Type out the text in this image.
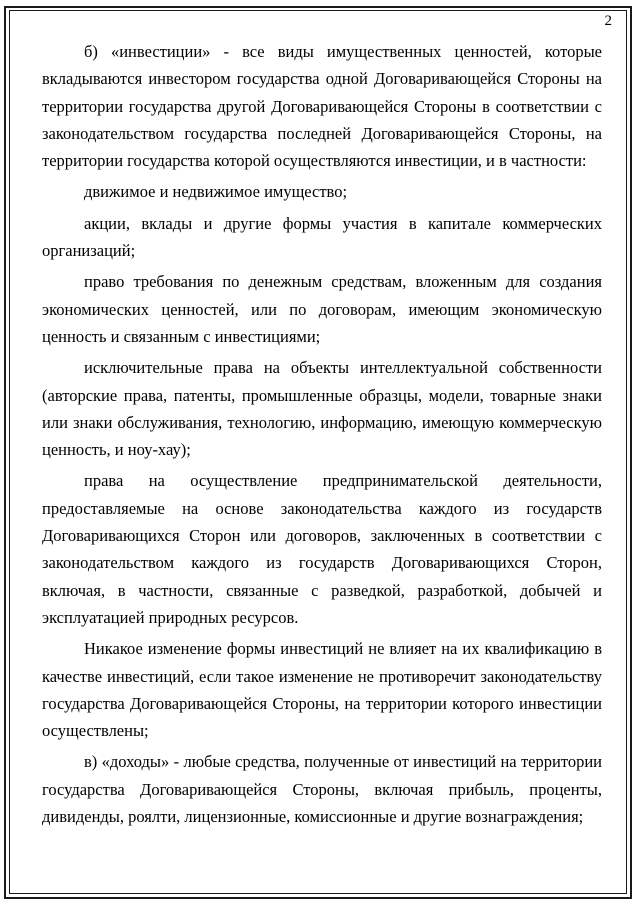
2

б) «инвестиции» - все виды имущественных ценностей, которые вкладываются инвестором государства одной Договаривающейся Стороны на территории государства другой Договаривающейся Стороны в соответствии с законодательством государства последней Договаривающейся Стороны, на территории государства которой осуществляются инвестиции, и в частности:

движимое и недвижимое имущество;

акции, вклады и другие формы участия в капитале коммерческих организаций;

право требования по денежным средствам, вложенным для создания экономических ценностей, или по договорам, имеющим экономическую ценность и связанным с инвестициями;

исключительные права на объекты интеллектуальной собственности (авторские права, патенты, промышленные образцы, модели, товарные знаки или знаки обслуживания, технологию, информацию, имеющую коммерческую ценность, и ноу-хау);

права на осуществление предпринимательской деятельности, предоставляемые на основе законодательства каждого из государств Договаривающихся Сторон или договоров, заключенных в соответствии с законодательством каждого из государств Договаривающихся Сторон, включая, в частности, связанные с разведкой, разработкой, добычей и эксплуатацией природных ресурсов.

Никакое изменение формы инвестиций не влияет на их квалификацию в качестве инвестиций, если такое изменение не противоречит законодательству государства Договаривающейся Стороны, на территории которого инвестиции осуществлены;

в) «доходы» - любые средства, полученные от инвестиций на территории государства Договаривающейся Стороны, включая прибыль, проценты, дивиденды, роялти, лицензионные, комиссионные и другие вознаграждения;
